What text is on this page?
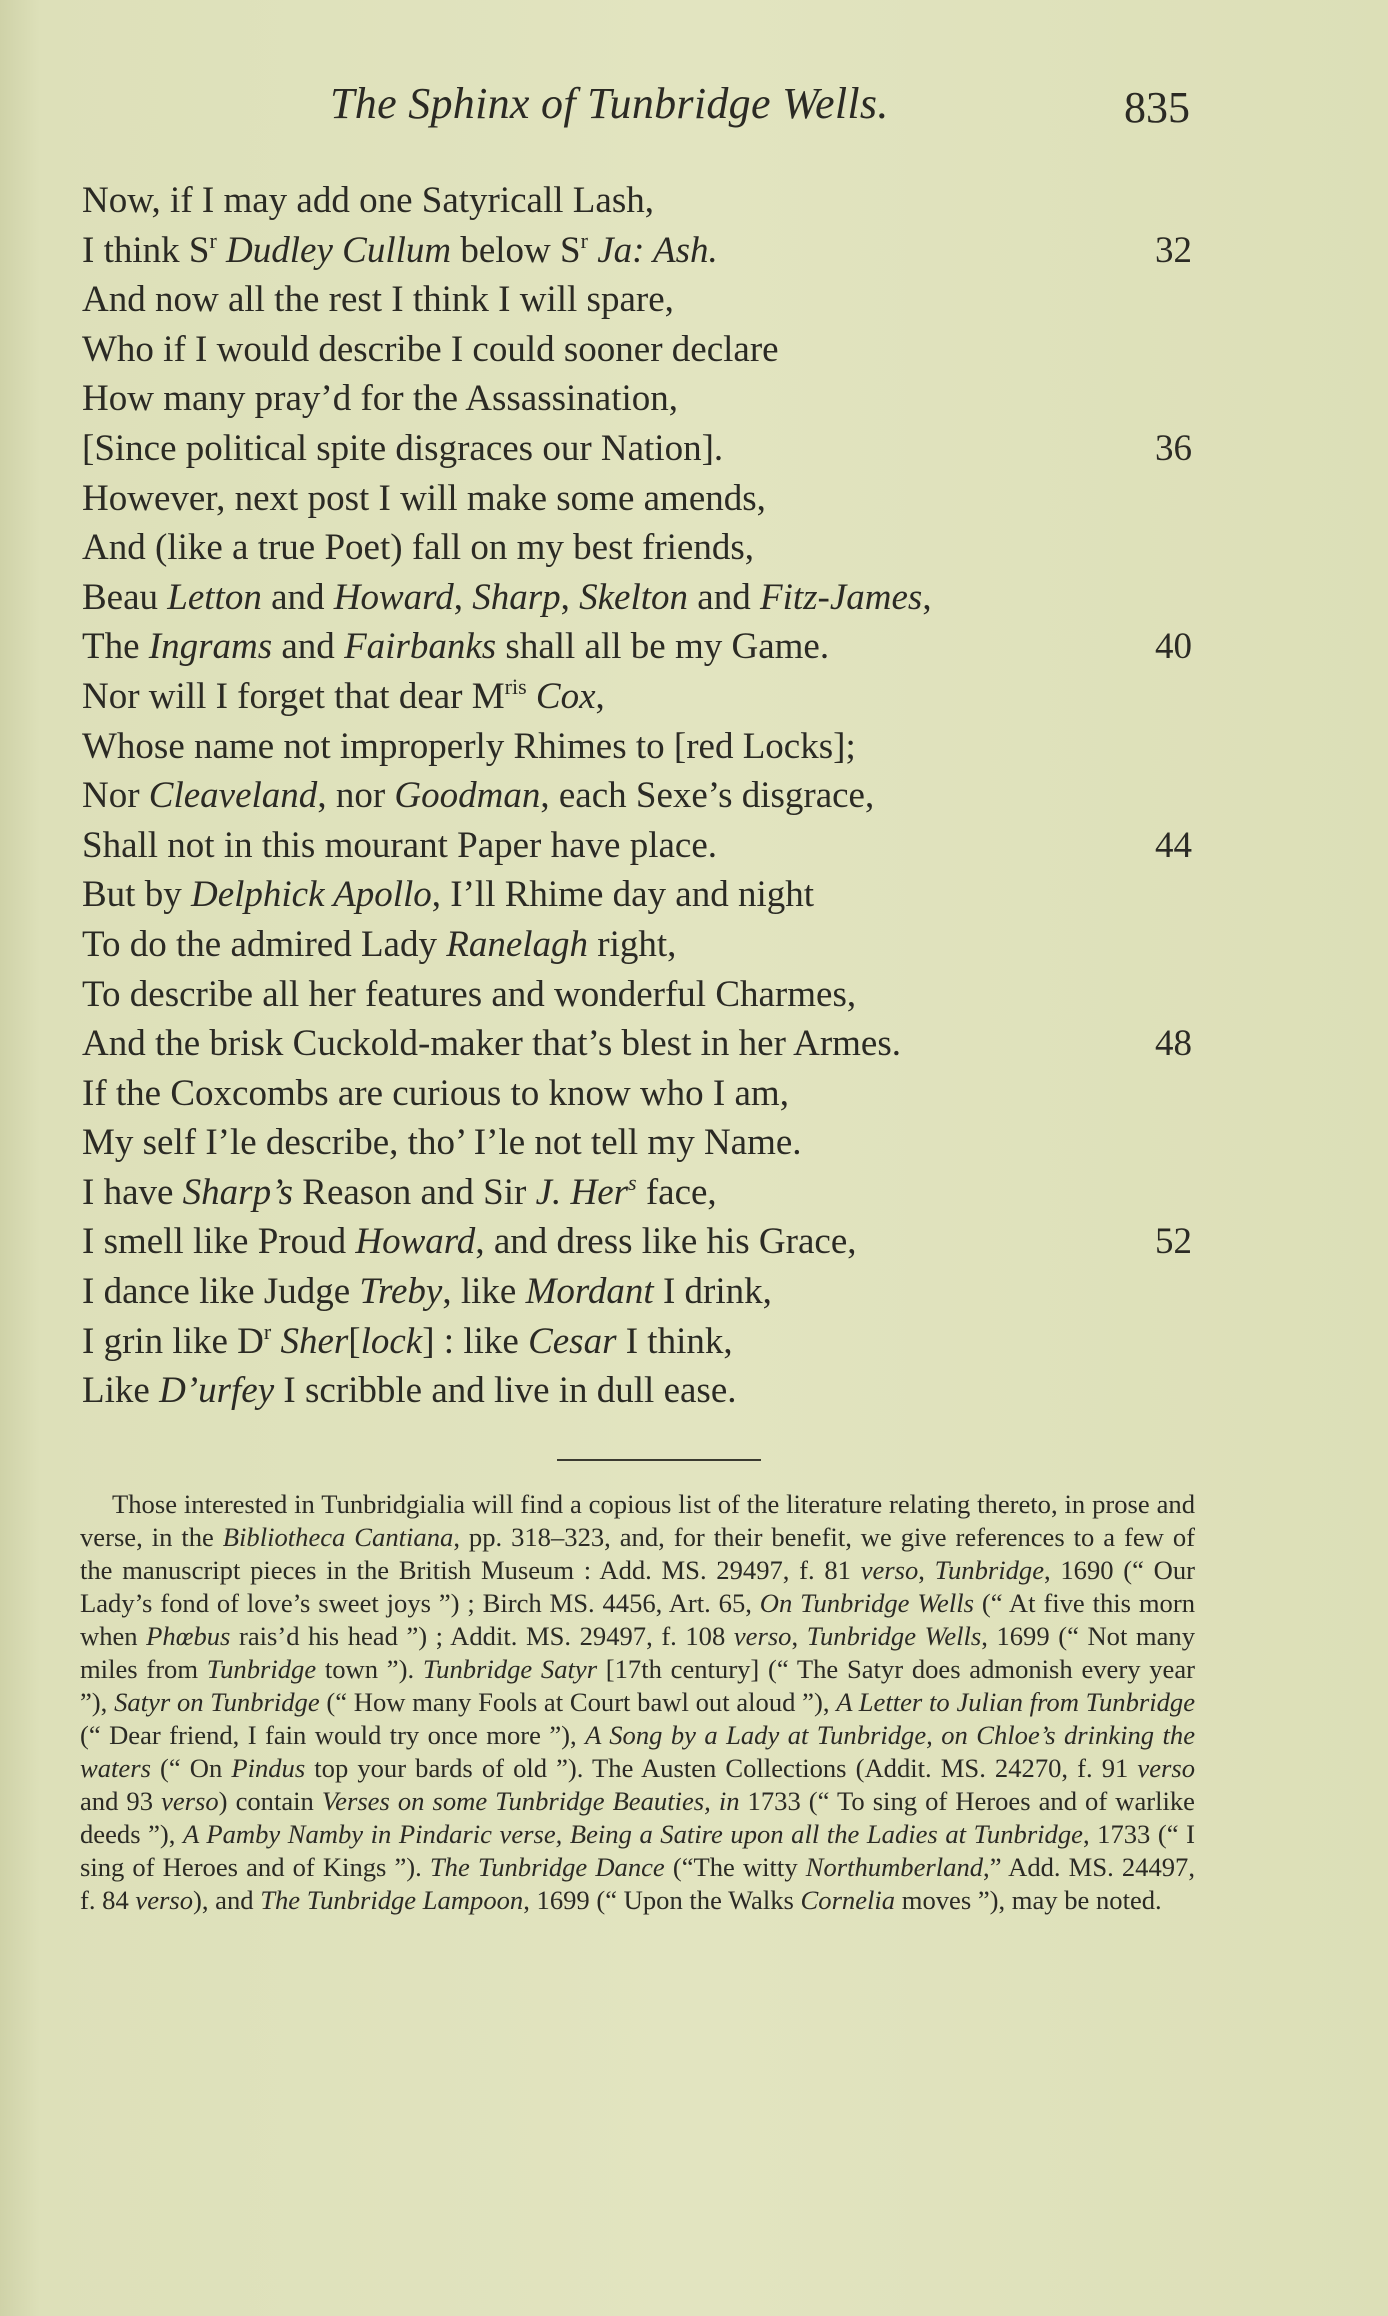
The Sphinx of Tunbridge Wells.	835
Now, if I may add one Satyricall Lash,
I think $S^r$ Dudley Cullum below $S^r$ Ja: Ash.	32
And now all the rest I think I will spare,
Who if I would describe I could sooner declare
How many pray’d for the Assassination,
[Since political spite disgraces our Nation].	36
However, next post I will make some amends,
And (like a true Poet) fall on my best friends,
Beau Letton and Howard, Sharp, Skelton and Fitz-James,
The Ingrams and Fairbanks shall all be my Game.	40
Nor will I forget that dear $M^{ris}$ Cox,
Whose name not improperly Rhimes to [red Locks];
Nor Cleaveland, nor Goodman, each Sexe’s disgrace,
Shall not in this mourant Paper have place.	44
But by Delphick Apollo, I’ll Rhime day and night
To do the admired Lady Ranelagh right,
To describe all her features and wonderful Charmes,
And the brisk Cuckold-maker that’s blest in her Armes.	48
If the Coxcombs are curious to know who I am,
My self I’le describe, tho’ I’le not tell my Name.
I have Sharp’s Reason and Sir J. Her$^s$ face,
I smell like Proud Howard, and dress like his Grace,	52
I dance like Judge Treby, like Mordant I drink,
I grin like $D^r$ Sher[lock] : like Cesar I think,
Like D’urfey I scribble and live in dull ease.
Those interested in Tunbridgialia will find a copious list of the literature relating thereto, in prose and verse, in the Bibliotheca Cantiana, pp. 318–323, and, for their benefit, we give references to a few of the manuscript pieces in the British Museum : Add. MS. 29497, f. 81 verso, Tunbridge, 1690 (“ Our Lady’s fond of love’s sweet joys ”) ; Birch MS. 4456, Art. 65, On Tunbridge Wells (“ At five this morn when Phœbus rais’d his head ”) ; Addit. MS. 29497, f. 108 verso, Tunbridge Wells, 1699 (“ Not many miles from Tunbridge town ”). Tunbridge Satyr [17th century] (“ The Satyr does admonish every year ”), Satyr on Tunbridge (“ How many Fools at Court bawl out aloud ”), A Letter to Julian from Tunbridge (“ Dear friend, I fain would try once more ”), A Song by a Lady at Tunbridge, on Chloe’s drinking the waters (“ On Pindus top your bards of old ”). The Austen Collections (Addit. MS. 24270, f. 91 verso and 93 verso) contain Verses on some Tunbridge Beauties, in 1733 (“ To sing of Heroes and of warlike deeds ”), A Pamby Namby in Pindaric verse, Being a Satire upon all the Ladies at Tunbridge, 1733 (“ I sing of Heroes and of Kings ”). The Tunbridge Dance (“The witty Northumberland,” Add. MS. 24497, f. 84 verso), and The Tunbridge Lampoon, 1699 (“ Upon the Walks Cornelia moves ”), may be noted.
